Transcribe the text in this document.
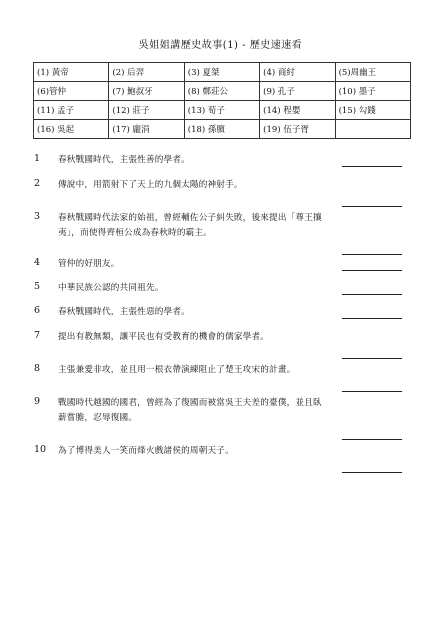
吳姐姐講歷史故事(1) - 歷史速速看
(1) 黃帝	(2) 后羿	(3) 夏桀	(4) 商紂	(5)周幽王
(6)管仲	(7) 鮑叔牙	(8) 鄭莊公	(9) 孔子	(10) 墨子
(11) 孟子	(12) 莊子	(13) 荀子	(14) 程嬰	(15) 勾踐
(16) 吳起	(17) 龐涓	(18) 孫臏	(19) 伍子胥	
1 春秋戰國時代，主張性善的學者。
2 傳說中，用箭射下了天上的九個太陽的神射手。
3 春秋戰國時代法家的始祖，曾經輔佐公子糾失敗，後來提出「尊王攘夷」，而使得齊桓公成為春秋時的霸主。
4 管仲的好朋友。
5 中華民族公認的共同祖先。
6 春秋戰國時代，主張性惡的學者。
7 提出有教無類，讓平民也有受教育的機會的儒家學者。
8 主張兼愛非攻，並且用一根衣帶演練阻止了楚王攻宋的計畫。
9 戰國時代越國的國君，曾經為了復國而被當吳王夫差的臺僕，並且臥薪嘗膽，忍辱復國。
10 為了博得美人一笑而烽火戲諸侯的周朝天子。
